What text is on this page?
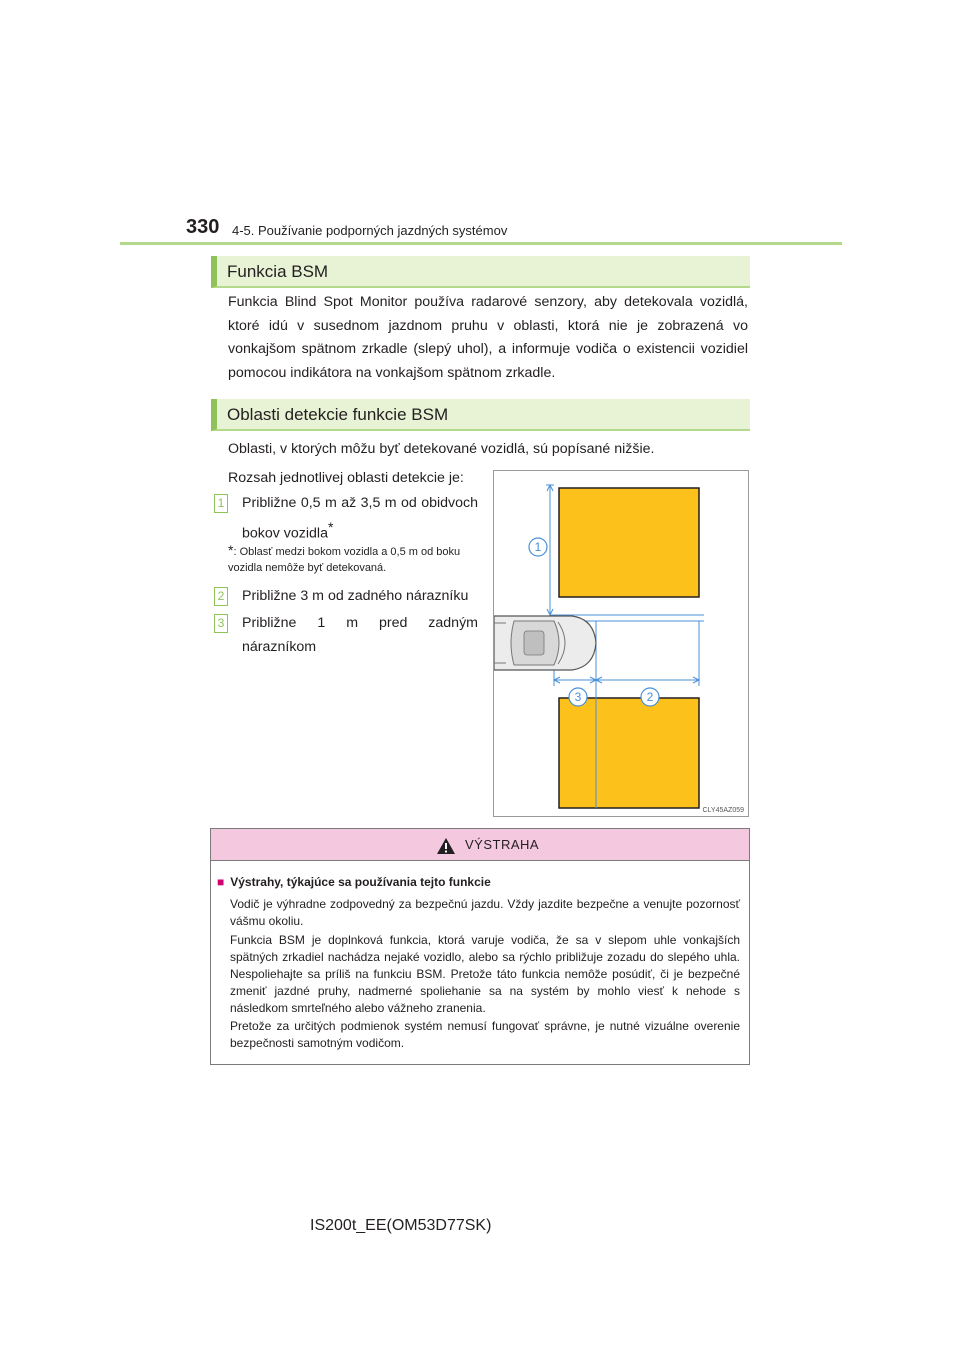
330 4-5. Používanie podporných jazdných systémov
Funkcia BSM
Funkcia Blind Spot Monitor používa radarové senzory, aby detekovala vozidlá, ktoré idú v susednom jazdnom pruhu v oblasti, ktorá nie je zobrazená vo vonkajšom spätnom zrkadle (slepý uhol), a informuje vodiča o existencii vozidiel pomocou indikátora na vonkajšom spätnom zrkadle.
Oblasti detekcie funkcie BSM
Oblasti, v ktorých môžu byť detekované vozidlá, sú popísané nižšie.
Rozsah jednotlivej oblasti detekcie je:
1 Približne 0,5 m až 3,5 m od obidvoch bokov vozidla*
*: Oblasť medzi bokom vozidla a 0,5 m od boku vozidla nemôže byť detekovaná.
2 Približne 3 m od zadného nárazníku
3 Približne 1 m pred zadným nárazníkom
1
3	2
CLY45AZ059
VÝSTRAHA
■ Výstrahy, týkajúce sa používania tejto funkcie
Vodič je výhradne zodpovedný za bezpečnú jazdu. Vždy jazdite bezpečne a venujte pozornosť vášmu okoliu.
Funkcia BSM je doplnková funkcia, ktorá varuje vodiča, že sa v slepom uhle vonkajších spätných zrkadiel nachádza nejaké vozidlo, alebo sa rýchlo približuje zozadu do slepého uhla. Nespoliehajte sa príliš na funkciu BSM. Pretože táto funkcia nemôže posúdiť, či je bezpečné zmeniť jazdné pruhy, nadmerné spoliehanie sa na systém by mohlo viesť k nehode s následkom smrteľného alebo vážneho zranenia.
Pretože za určitých podmienok systém nemusí fungovať správne, je nutné vizuálne overenie bezpečnosti samotným vodičom.
IS200t_EE(OM53D77SK)
